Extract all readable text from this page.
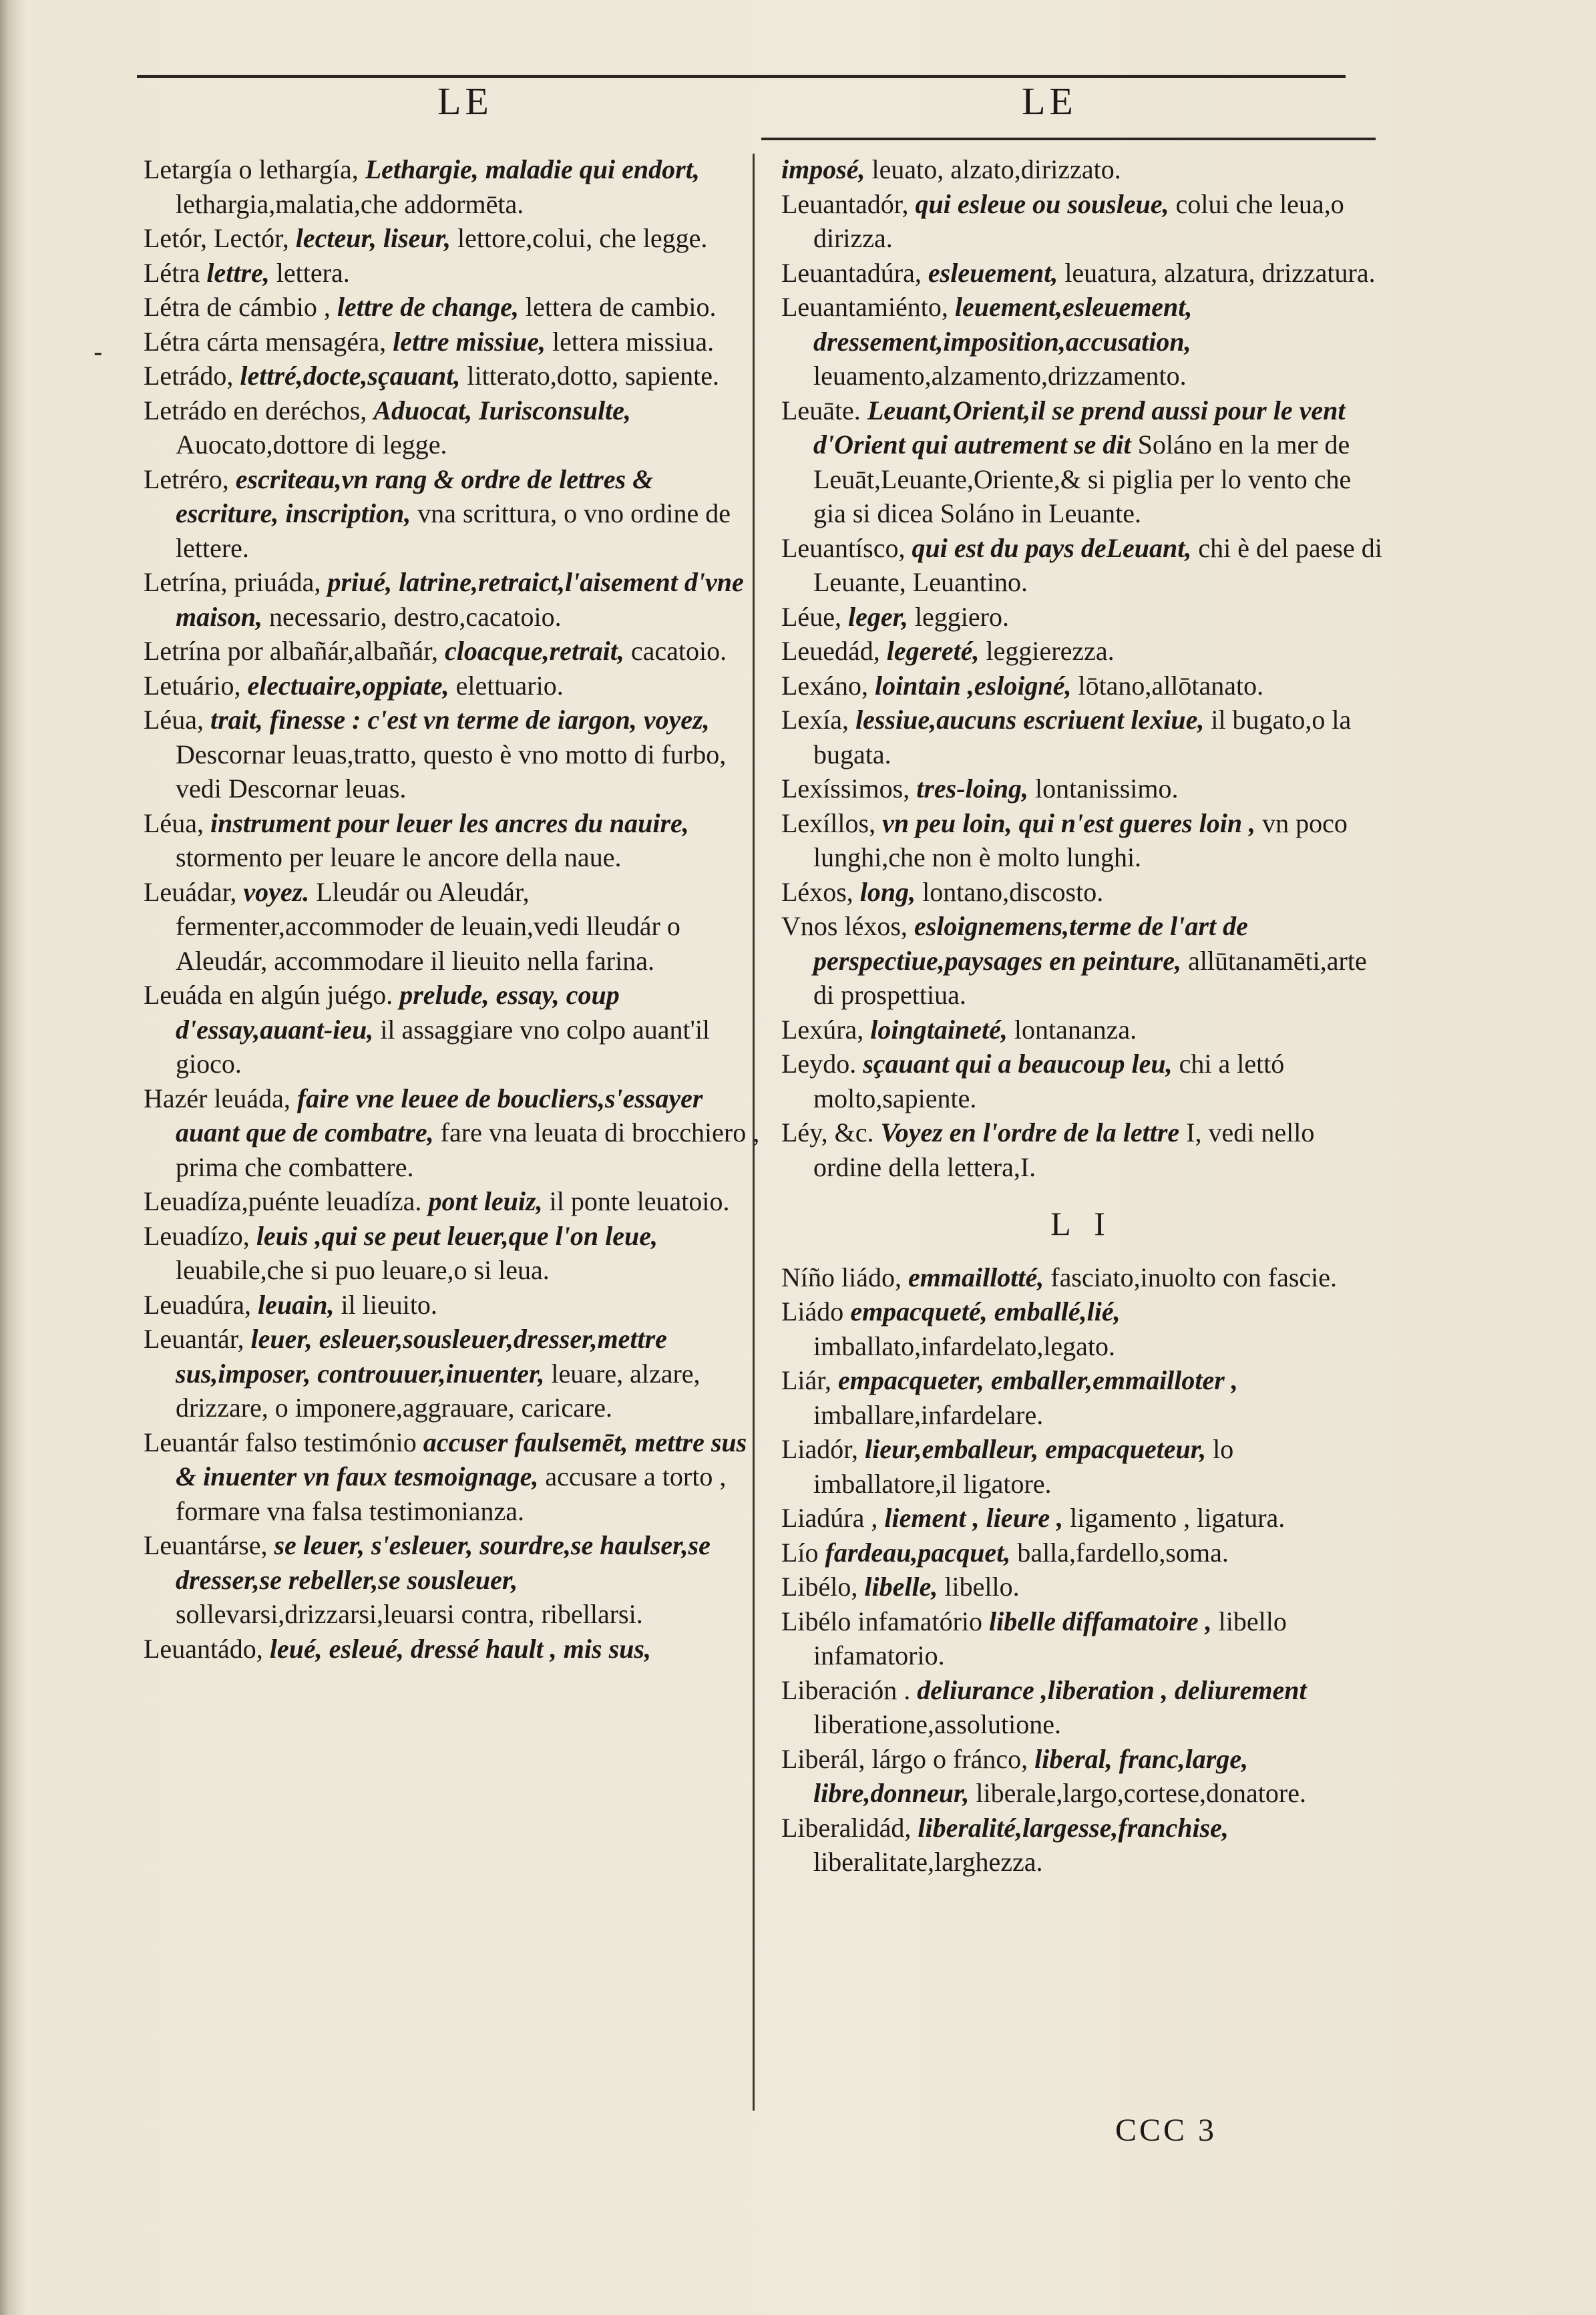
LE	LE
-

Letargía o lethargía, Lethargie, maladie qui endort, lethargia,malatia,che addormēta.

Letór, Lectór, lecteur, liseur, lettore,colui, che legge.

Létra lettre, lettera.

Létra de cámbio , lettre de change, lettera de cambio.

Létra cárta mensagéra, lettre missiue, lettera missiua.

Letrádo, lettré,docte,sçauant, litterato,dotto, sapiente.

Letrádo en deréchos, Aduocat, Iurisconsulte, Auocato,dottore di legge.

Letréro, escriteau,vn rang & ordre de lettres & escriture, inscription, vna scrittura, o vno ordine de lettere.

Letrína, priuáda, priué, latrine,retraict,l'aisement d'vne maison, necessario, destro,cacatoio.

Letrína por albañár,albañár, cloacque,retrait, cacatoio.

Letuário, electuaire,oppiate, elettuario.

Léua, trait, finesse : c'est vn terme de iargon, voyez, Descornar leuas,tratto, questo è vno motto di furbo, vedi Descornar leuas.

Léua, instrument pour leuer les ancres du nauire, stormento per leuare le ancore della naue.

Leuádar, voyez. Lleudár ou Aleudár, fermenter,accommoder de leuain,vedi lleudár o Aleudár, accommodare il lieuito nella farina.

Leuáda en algún juégo. prelude, essay, coup d'essay,auant-ieu, il assaggiare vno colpo auant'il gioco.

Hazér leuáda, faire vne leuee de boucliers,s'essayer auant que de combatre, fare vna leuata di brocchiero , prima che combattere.

Leuadíza,puénte leuadíza. pont leuiz, il ponte leuatoio.

Leuadízo, leuis ,qui se peut leuer,que l'on leue, leuabile,che si puo leuare,o si leua.

Leuadúra, leuain, il lieuito.

Leuantár, leuer, esleuer,sousleuer,dresser,mettre sus,imposer, controuuer,inuenter, leuare, alzare, drizzare, o imponere,aggrauare, caricare.

Leuantár falso testimónio accuser faulsemēt, mettre sus & inuenter vn faux tesmoignage, accusare a torto , formare vna falsa testimonianza.

Leuantárse, se leuer, s'esleuer, sourdre,se haulser,se dresser,se rebeller,se sousleuer, sollevarsi,drizzarsi,leuarsi contra, ribellarsi.

Leuantádo, leué, esleué, dressé hault , mis sus,

imposé, leuato, alzato,dirizzato.

Leuantadór, qui esleue ou sousleue, colui che leua,o dirizza.

Leuantadúra, esleuement, leuatura, alzatura, drizzatura.

Leuantamiénto, leuement,esleuement, dressement,imposition,accusation, leuamento,alzamento,drizzamento.

Leuāte. Leuant,Orient,il se prend aussi pour le vent d'Orient qui autrement se dit Soláno en la mer de Leuāt,Leuante,Oriente,& si piglia per lo vento che gia si dicea Soláno in Leuante.

Leuantísco, qui est du pays deLeuant, chi è del paese di Leuante, Leuantino.

Léue, leger, leggiero.

Leuedád, legereté, leggierezza.

Lexáno, lointain ,esloigné, lōtano,allōtanato.

Lexía, lessiue,aucuns escriuent lexiue, il bugato,o la bugata.

Lexíssimos, tres-loing, lontanissimo.

Lexíllos, vn peu loin, qui n'est gueres loin , vn poco lunghi,che non è molto lunghi.

Léxos, long, lontano,discosto.

Vnos léxos, esloignemens,terme de l'art de perspectiue,paysages en peinture, allūtanamēti,arte di prospettiua.

Lexúra, loingtaineté, lontananza.

Leydo. sçauant qui a beaucoup leu, chi a lettó molto,sapiente.

Léy, &c. Voyez en l'ordre de la lettre I, vedi nello ordine della lettera,I.

L I

Níño liádo, emmaillotté, fasciato,inuolto con fascie.

Liádo empacqueté, emballé,lié, imballato,infardelato,legato.

Liár, empacqueter, emballer,emmailloter , imballare,infardelare.

Liadór, lieur,emballeur, empacqueteur, lo imballatore,il ligatore.

Liadúra , liement , lieure , ligamento , ligatura.

Lío fardeau,pacquet, balla,fardello,soma.

Libélo, libelle, libello.

Libélo infamatório libelle diffamatoire , libello infamatorio.

Liberación . deliurance ,liberation , deliurement liberatione,assolutione.

Liberál, lárgo o fránco, liberal, franc,large, libre,donneur, liberale,largo,cortese,donatore.

Liberalidád, liberalité,largesse,franchise, liberalitate,larghezza.

CCC 3
